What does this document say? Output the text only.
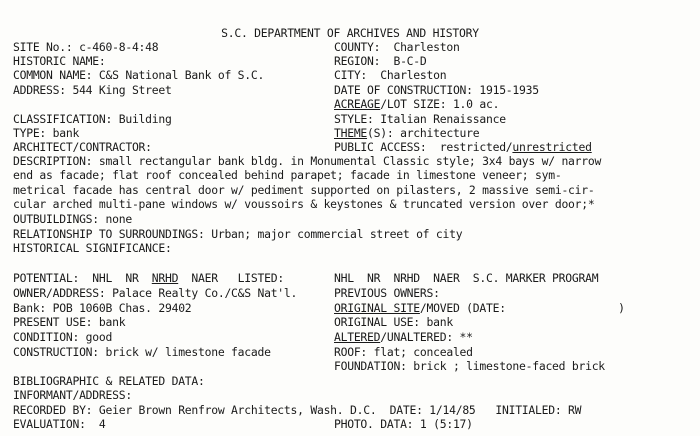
S.C. DEPARTMENT OF ARCHIVES AND HISTORY
SITE No.: c-460-8-4:48	COUNTY:  Charleston
HISTORIC NAME:	REGION:  B-C-D
COMMON NAME: C&S National Bank of S.C.	CITY:  Charleston
ADDRESS: 544 King Street	DATE OF CONSTRUCTION: 1915-1935
ACREAGE/LOT SIZE: 1.0 ac.
CLASSIFICATION: Building	STYLE: Italian Renaissance
TYPE: bank	THEME(S): architecture
ARCHITECT/CONTRACTOR:	PUBLIC ACCESS:  restricted/unrestricted
DESCRIPTION: small rectangular bank bldg. in Monumental Classic style; 3x4 bays w/ narrow
end as facade; flat roof concealed behind parapet; facade in limestone veneer; sym-
metrical facade has central door w/ pediment supported on pilasters, 2 massive semi-cir-
cular arched multi-pane windows w/ voussoirs & keystones & truncated version over door;*
OUTBUILDINGS: none
RELATIONSHIP TO SURROUNDINGS: Urban; major commercial street of city
HISTORICAL SIGNIFICANCE:
POTENTIAL:  NHL  NR  NRHD  NAER   LISTED:	NHL  NR  NRHD  NAER  S.C. MARKER PROGRAM
OWNER/ADDRESS: Palace Realty Co./C&S Nat'l.	PREVIOUS OWNERS:
Bank: POB 1060B Chas. 29402	ORIGINAL SITE/MOVED (DATE:                 )
PRESENT USE: bank	ORIGINAL USE: bank
CONDITION: good	ALTERED/UNALTERED: **
CONSTRUCTION: brick w/ limestone facade	ROOF: flat; concealed
FOUNDATION: brick ; limestone-faced brick
BIBLIOGRAPHIC & RELATED DATA:
INFORMANT/ADDRESS:
RECORDED BY: Geier Brown Renfrow Architects, Wash. D.C.  DATE: 1/14/85   INITIALED: RW
EVALUATION:  4	PHOTO. DATA: 1 (5:17)
